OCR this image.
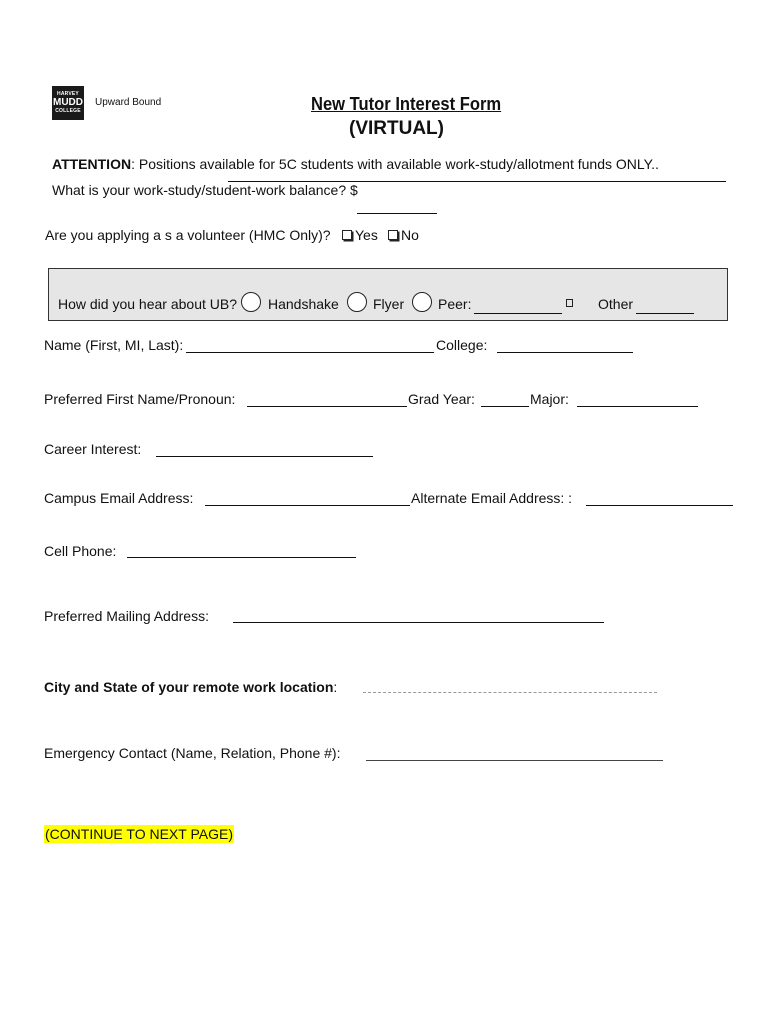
HARVEY
MUDD
COLLEGE
Upward Bound	New Tutor Interest Form
(VIRTUAL)
ATTENTION: Positions available for 5C students with available work-study/allotment funds ONLY..
What is your work-study/student-work balance? $
Are you applying a s a volunteer (HMC Only)?	Yes	No
How did you hear about UB? Handshake Flyer Peer:	Other
Name (First, MI, Last):	College:
Preferred First Name/Pronoun:	Grad Year:	Major:
Career Interest:
Campus Email Address:	Alternate Email Address: :
Cell Phone:
Preferred Mailing Address:
City and State of your remote work location:
Emergency Contact (Name, Relation, Phone #):
(CONTINUE TO NEXT PAGE)
